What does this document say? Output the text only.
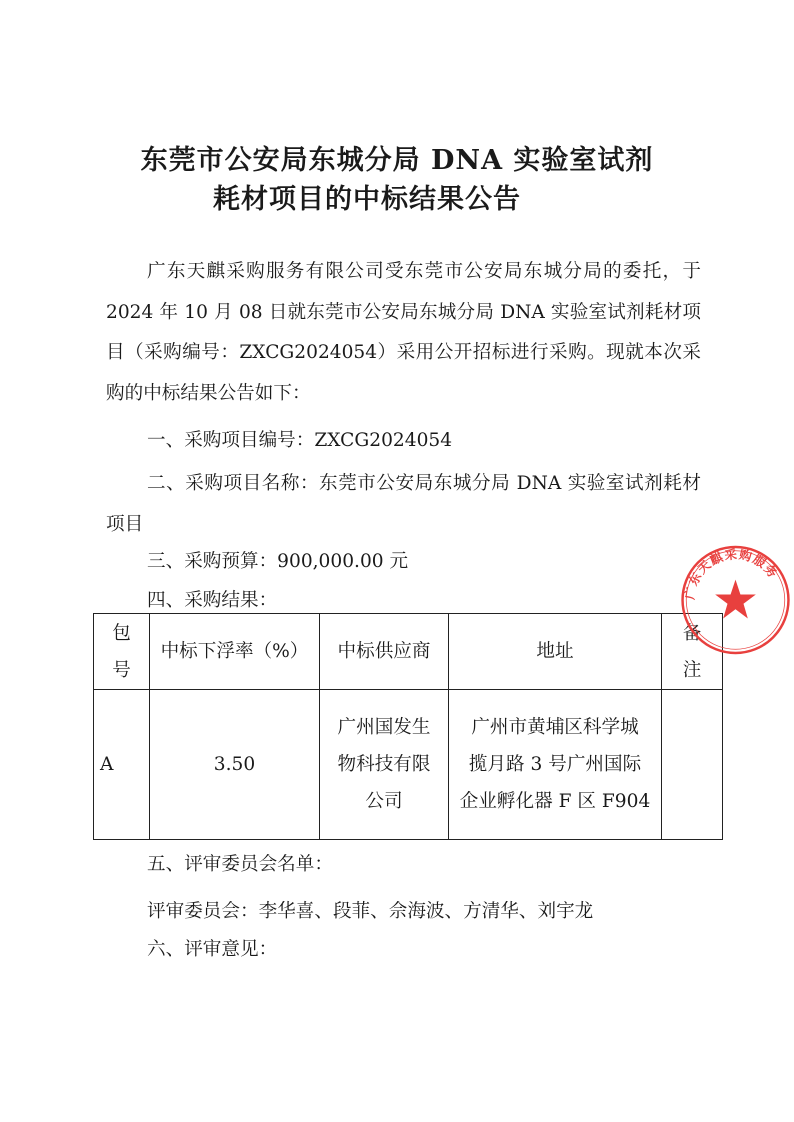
东莞市公安局东城分局 DNA 实验室试剂
耗材项目的中标结果公告

广东天麒采购服务有限公司受东莞市公安局东城分局的委托，于 2024 年 10 月 08 日就东莞市公安局东城分局 DNA 实验室试剂耗材项目（采购编号：ZXCG2024054）采用公开招标进行采购。现就本次采购的中标结果公告如下：

一、采购项目编号：ZXCG2024054

二、采购项目名称：东莞市公安局东城分局 DNA 实验室试剂耗材项目

三、采购预算：900,000.00 元

四、采购结果：

包
号	中标下浮率（%）	中标供应商	地址	备
注
A	3.50	广州国发生
物科技有限
公司	广州市黄埔区科学城
揽月路 3 号广州国际
企业孵化器 F 区 F904	

五、评审委员会名单：

评审委员会：李华喜、段菲、佘海波、方清华、刘宇龙

六、评审意见：

广东天麒采购服务
